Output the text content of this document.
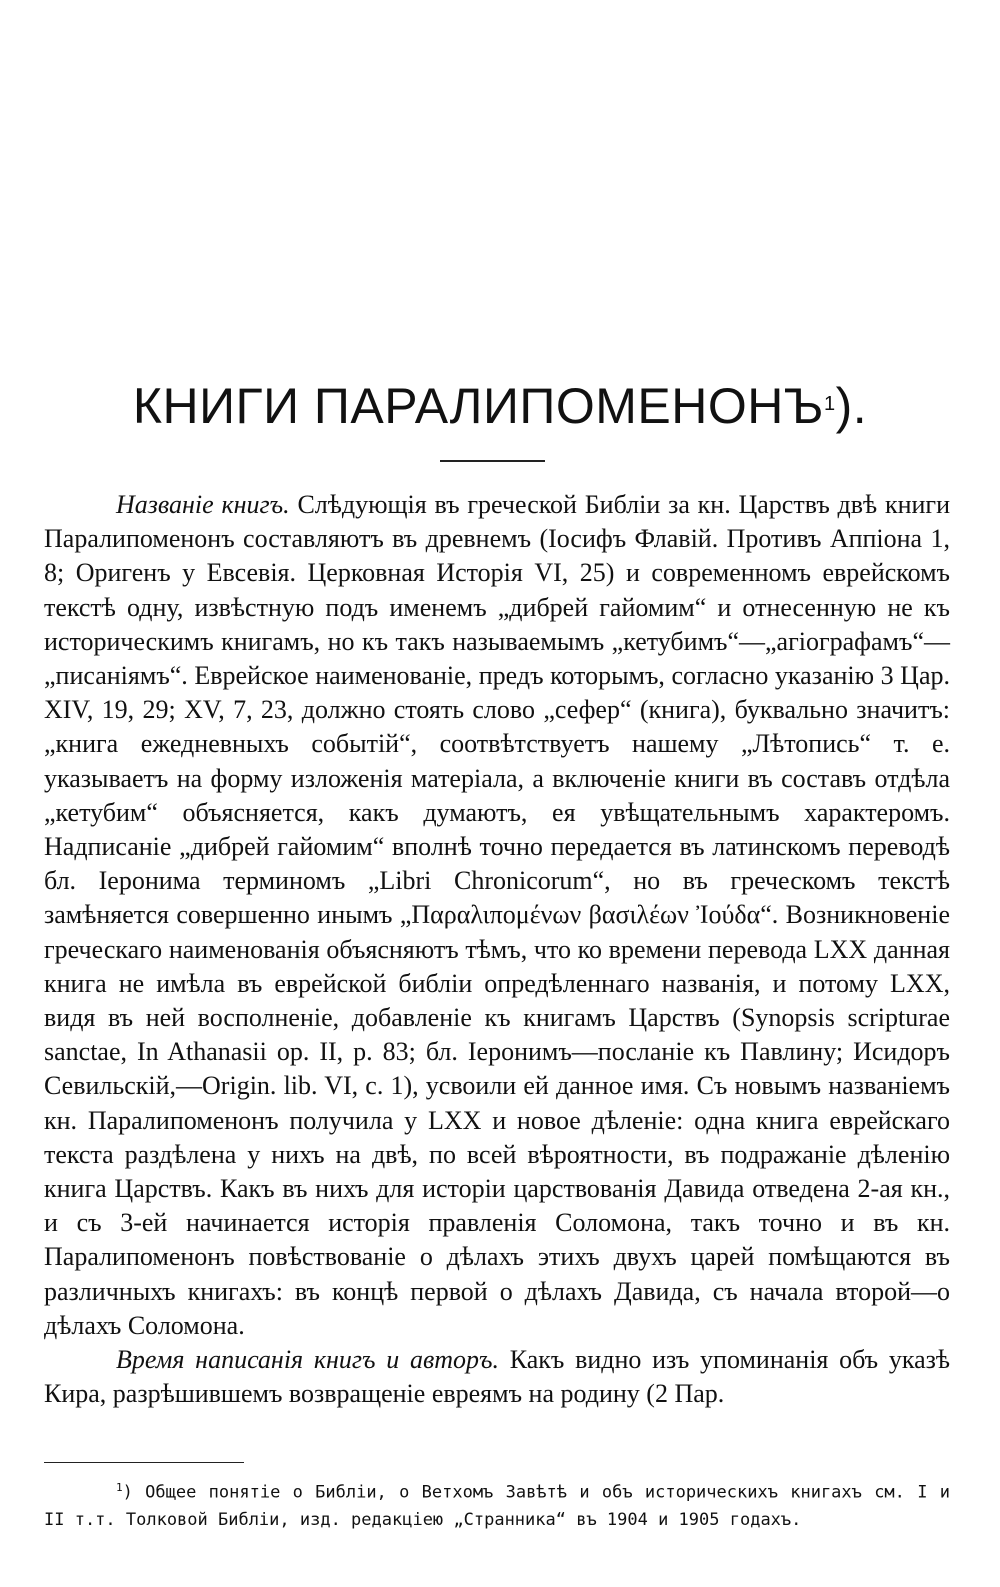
КНИГИ ПАРАЛИПОМЕНОНЪ$^1$).

Названiе книгъ. Слѣдующiя въ греческой Библiи за кн. Царствъ двѣ книги Паралипоменонъ составляютъ въ древнемъ (Iосифъ Флавiй. Противъ Аппiона 1, 8; Оригенъ у Евсевiя. Церковная Исторiя VI, 25) и современномъ еврейскомъ текстѣ одну, извѣстную подъ именемъ „дибрей гайомим“ и отнесенную не къ историческимъ книгамъ, но къ такъ называемымъ „кетубимъ“—„агiографамъ“—„писанiямъ“. Еврейское наименованiе, предъ которымъ, согласно указанiю 3 Цар. XIV, 19, 29; XV, 7, 23, должно стоять слово „сефер“ (книга), буквально значитъ: „книга ежедневныхъ событiй“, соотвѣтствуетъ нашему „Лѣтопись“ т. е. указываетъ на форму изложенiя матерiала, а включенiе книги въ составъ отдѣла „кетубим“ объясняется, какъ думаютъ, ея увѣщательнымъ характеромъ. Надписанiе „дибрей гайомим“ вполнѣ точно передается въ латинскомъ переводѣ бл. Iеронима терминомъ „Libri Chronicorum“, но въ греческомъ текстѣ замѣняется совершенно инымъ „Παραλιπομένων βασιλέων Ἰούδα“. Возникновенiе греческаго наименованiя объясняютъ тѣмъ, что ко времени перевода LXX данная книга не имѣла въ еврейской библiи опредѣленнаго названiя, и потому LXX, видя въ ней восполненiе, добавленiе къ книгамъ Царствъ (Synopsis scripturae sanctae, In Athanasii op. II, p. 83; бл. Iеронимъ—посланiе къ Павлину; Исидоръ Севильскiй,—Origin. lib. VI, c. 1), усвоили ей данное имя. Съ новымъ названiемъ кн. Паралипоменонъ получила у LXX и новое дѣленiе: одна книга еврейскаго текста раздѣлена у нихъ на двѣ, по всей вѣроятности, въ подражанiе дѣленiю книга Царствъ. Какъ въ нихъ для исторiи царствованiя Давида отведена 2-ая кн., и съ 3-ей начинается исторiя правленiя Соломона, такъ точно и въ кн. Паралипоменонъ повѣствованiе о дѣлахъ этихъ двухъ царей помѣщаются въ различныхъ книгахъ: въ концѣ первой о дѣлахъ Давида, съ начала второй—о дѣлахъ Соломона.

Время написанiя книгъ и авторъ. Какъ видно изъ упоминанiя объ указѣ Кира, разрѣшившемъ возвращенiе евреямъ на родину (2 Пар.

$^1$) Общее понятiе о Библiи, о Ветхомъ Завѣтѣ и объ историческихъ книгахъ см. I и II т.т. Толковой Библiи, изд. редакцiею „Странника“ въ 1904 и 1905 годахъ.
